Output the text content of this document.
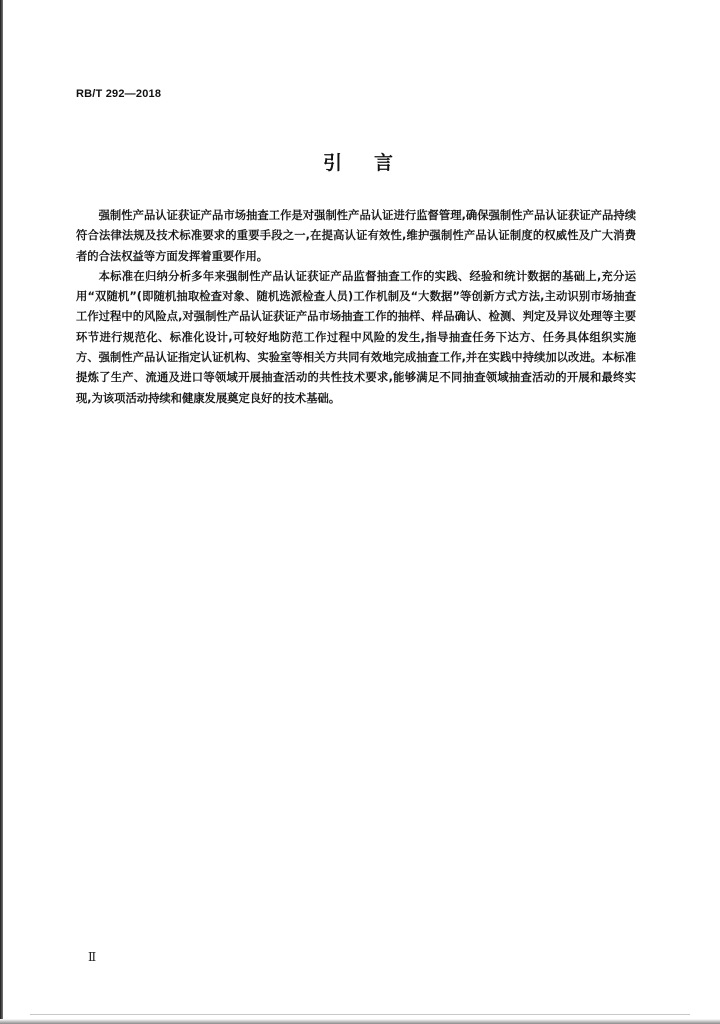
RB/T 292—2018
引言

强制性产品认证获证产品市场抽查工作是对强制性产品认证进行监督管理,确保强制性产品认证获证产品持续符合法律法规及技术标准要求的重要手段之一,在提高认证有效性,维护强制性产品认证制度的权威性及广大消费者的合法权益等方面发挥着重要作用。

本标准在归纳分析多年来强制性产品认证获证产品监督抽查工作的实践、经验和统计数据的基础上,充分运用“双随机”(即随机抽取检查对象、随机选派检查人员)工作机制及“大数据”等创新方式方法,主动识别市场抽查工作过程中的风险点,对强制性产品认证获证产品市场抽查工作的抽样、样品确认、检测、判定及异议处理等主要环节进行规范化、标准化设计,可较好地防范工作过程中风险的发生,指导抽查任务下达方、任务具体组织实施方、强制性产品认证指定认证机构、实验室等相关方共同有效地完成抽查工作,并在实践中持续加以改进。本标准提炼了生产、流通及进口等领域开展抽查活动的共性技术要求,能够满足不同抽查领域抽查活动的开展和最终实现,为该项活动持续和健康发展奠定良好的技术基础。

Ⅱ
